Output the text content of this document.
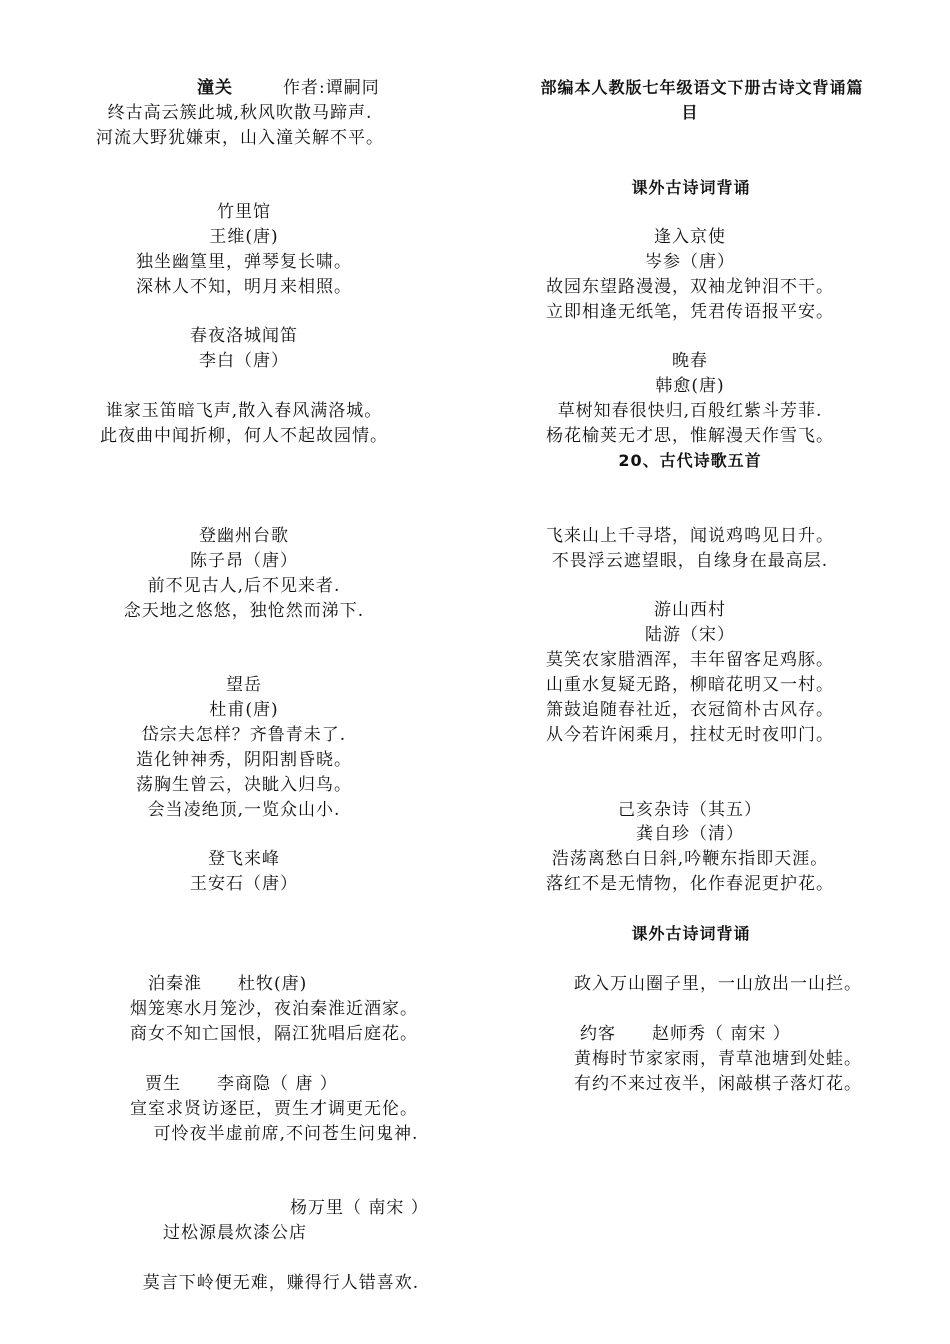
潼关	作者:谭嗣同
终古高云簇此城,秋风吹散马蹄声.
河流大野犹嫌束，山入潼关解不平。
竹里馆
王维(唐)
独坐幽篁里，弹琴复长啸。
深林人不知，明月来相照。
春夜洛城闻笛
李白（唐）
谁家玉笛暗飞声,散入春风满洛城。
此夜曲中闻折柳，何人不起故园情。
登幽州台歌
陈子昂（唐）
前不见古人,后不见来者.
念天地之悠悠，独怆然而涕下.
望岳
杜甫(唐)
岱宗夫怎样？齐鲁青未了.
造化钟神秀，阴阳割昏晓。
荡胸生曾云，决眦入归鸟。
会当凌绝顶,一览众山小.
登飞来峰
王安石（唐）
泊秦淮　　杜牧(唐)
烟笼寒水月笼沙，夜泊秦淮近酒家。
商女不知亡国恨，隔江犹唱后庭花。
贾生　　李商隐（ 唐 ）
宣室求贤访逐臣，贾生才调更无伦。
可怜夜半虚前席,不问苍生问鬼神.
杨万里（ 南宋 ）
过松源晨炊漆公店
莫言下岭便无难，赚得行人错喜欢.
部编本人教版七年级语文下册古诗文背诵篇
目
课外古诗词背诵
逢入京使
岑参（唐）
故园东望路漫漫，双袖龙钟泪不干。
立即相逢无纸笔，凭君传语报平安。
晚春
韩愈(唐)
草树知春很快归,百般红紫斗芳菲.
杨花榆荚无才思，惟解漫天作雪飞。
20、古代诗歌五首
飞来山上千寻塔，闻说鸡鸣见日升。
不畏浮云遮望眼，自缘身在最高层.
游山西村
陆游（宋）
莫笑农家腊酒浑，丰年留客足鸡豚。
山重水复疑无路，柳暗花明又一村。
箫鼓追随春社近，衣冠简朴古风存。
从今若许闲乘月，拄杖无时夜叩门。
己亥杂诗（其五）
龚自珍（清）
浩荡离愁白日斜,吟鞭东指即天涯。
落红不是无情物，化作春泥更护花。
课外古诗词背诵
政入万山圈子里，一山放出一山拦。
约客　　赵师秀（ 南宋 ）
黄梅时节家家雨，青草池塘到处蛙。
有约不来过夜半，闲敲棋子落灯花。
